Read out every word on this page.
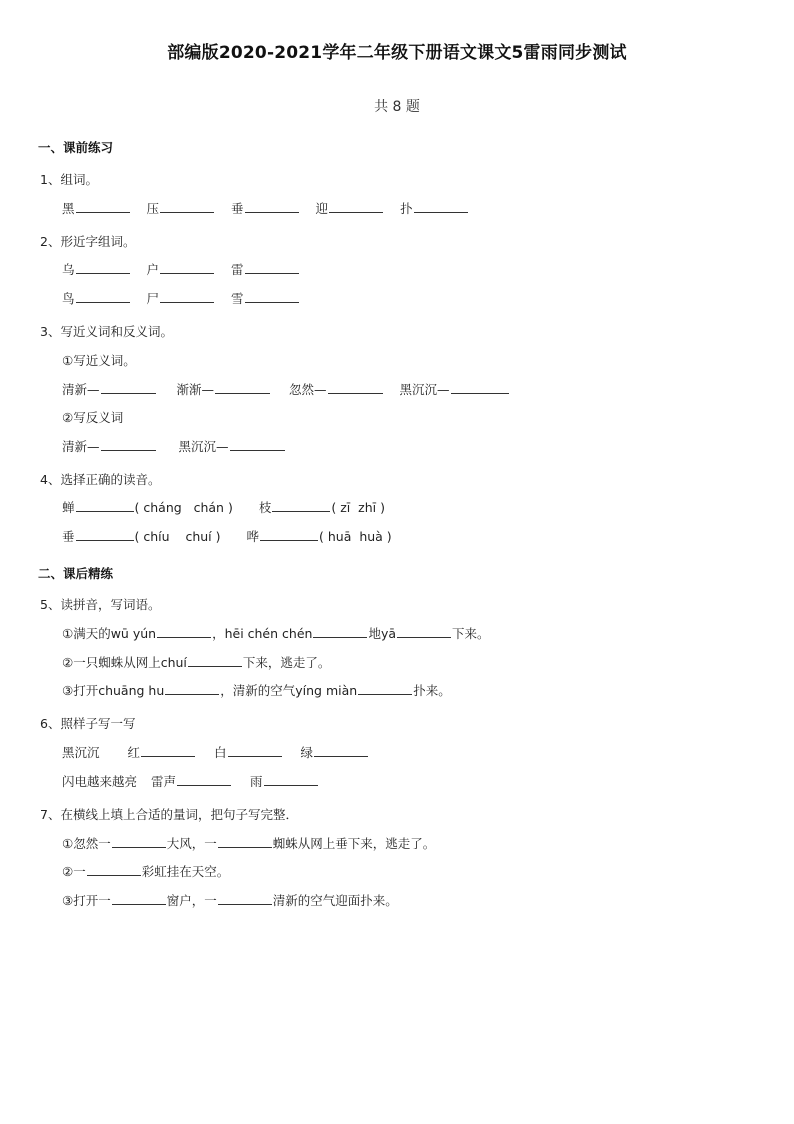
部编版2020-2021学年二年级下册语文课文5雷雨同步测试
共 8 题
一、课前练习
1、组词。
黑	压	垂	迎	扑
2、形近字组词。
乌	户	雷
鸟	尸	雪
3、写近义词和反义词。
①写近义词。
清新—	渐渐—	忽然—	黑沉沉—
②写反义词
清新—	黑沉沉—
4、选择正确的读音。
蝉	( cháng   chán ) 枝	( zī  zhī )
垂	( chíu    chuí ) 哗	( huā  huà )
二、课后精练
5、读拼音，写词语。
①满天的wū yún	，hēi chén chén	地yā	下来。
②一只蜘蛛从网上chuí	下来，逃走了。
③打开chuāng hu	，清新的空气yíng miàn	扑来。
6、照样子写一写
黑沉沉 红	白	绿
闪电越来越亮 雷声	雨
7、在横线上填上合适的量词，把句子写完整．
①忽然一	大风，一	蜘蛛从网上垂下来，逃走了。
②一	彩虹挂在天空。
③打开一	窗户，一	清新的空气迎面扑来。
